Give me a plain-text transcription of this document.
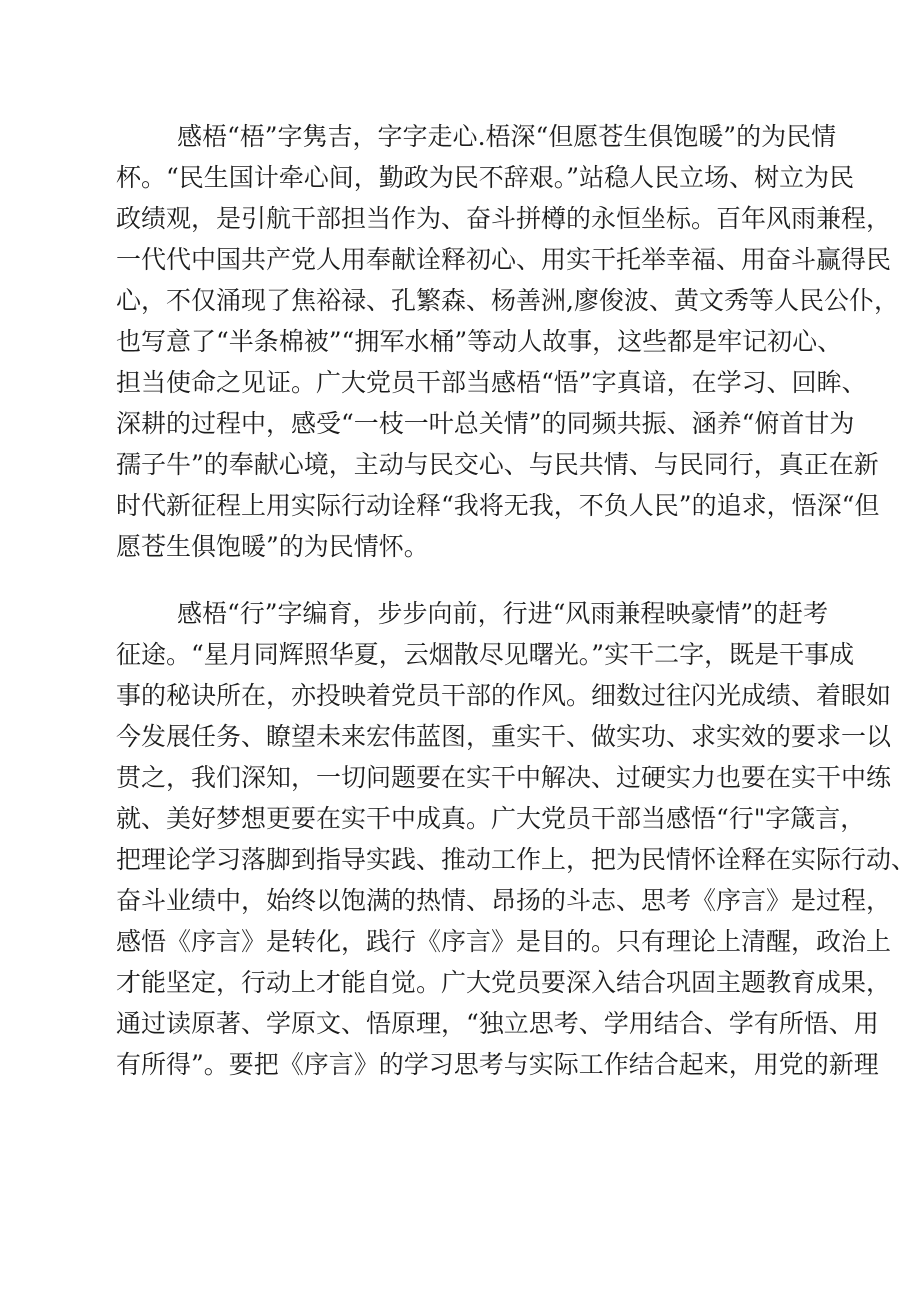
感梧“梧”字隽吉，字字走心.梧深“但愿苍生俱饱暖”的为民情

杯。“民生国计牵心间，勤政为民不辞艰。”站稳人民立场、树立为民

政绩观，是引航干部担当作为、奋斗拼樽的永恒坐标。百年风雨兼程，

一代代中国共产党人用奉献诠释初心、用实干托举幸福、用奋斗赢得民

心，不仅涌现了焦裕禄、孔繁森、杨善洲,廖俊波、黄文秀等人民公仆，

也写意了“半条棉被”“拥军水桶”等动人故事，这些都是牢记初心、

担当使命之见证。广大党员干部当感梧“悟”字真谙，在学习、回眸、

深耕的过程中，感受“一枝一叶总关情”的同频共振、涵养“俯首甘为

孺子牛”的奉献心境，主动与民交心、与民共情、与民同行，真正在新

时代新征程上用实际行动诠释“我将无我，不负人民”的追求，悟深“但

愿苍生俱饱暖”的为民情怀。

感梧“行”字编育，步步向前，行进“风雨兼程映豪情”的赶考

征途。“星月同辉照华夏，云烟散尽见曙光。”实干二字，既是干事成

事的秘诀所在，亦投映着党员干部的作风。细数过往闪光成绩、着眼如

今发展任务、瞭望未来宏伟蓝图，重实干、做实功、求实效的要求一以

贯之，我们深知，一切问题要在实干中解决、过硬实力也要在实干中练

就、美好梦想更要在实干中成真。广大党员干部当感悟“行"字箴言，

把理论学习落脚到指导实践、推动工作上，把为民情怀诠释在实际行动、

奋斗业绩中，始终以饱满的热情、昂扬的斗志、思考《序言》是过程，

感悟《序言》是转化，践行《序言》是目的。只有理论上清醒，政治上

才能坚定，行动上才能自觉。广大党员要深入结合巩固主题教育成果，

通过读原著、学原文、悟原理，“独立思考、学用结合、学有所悟、用

有所得”。要把《序言》的学习思考与实际工作结合起来，用党的新理
